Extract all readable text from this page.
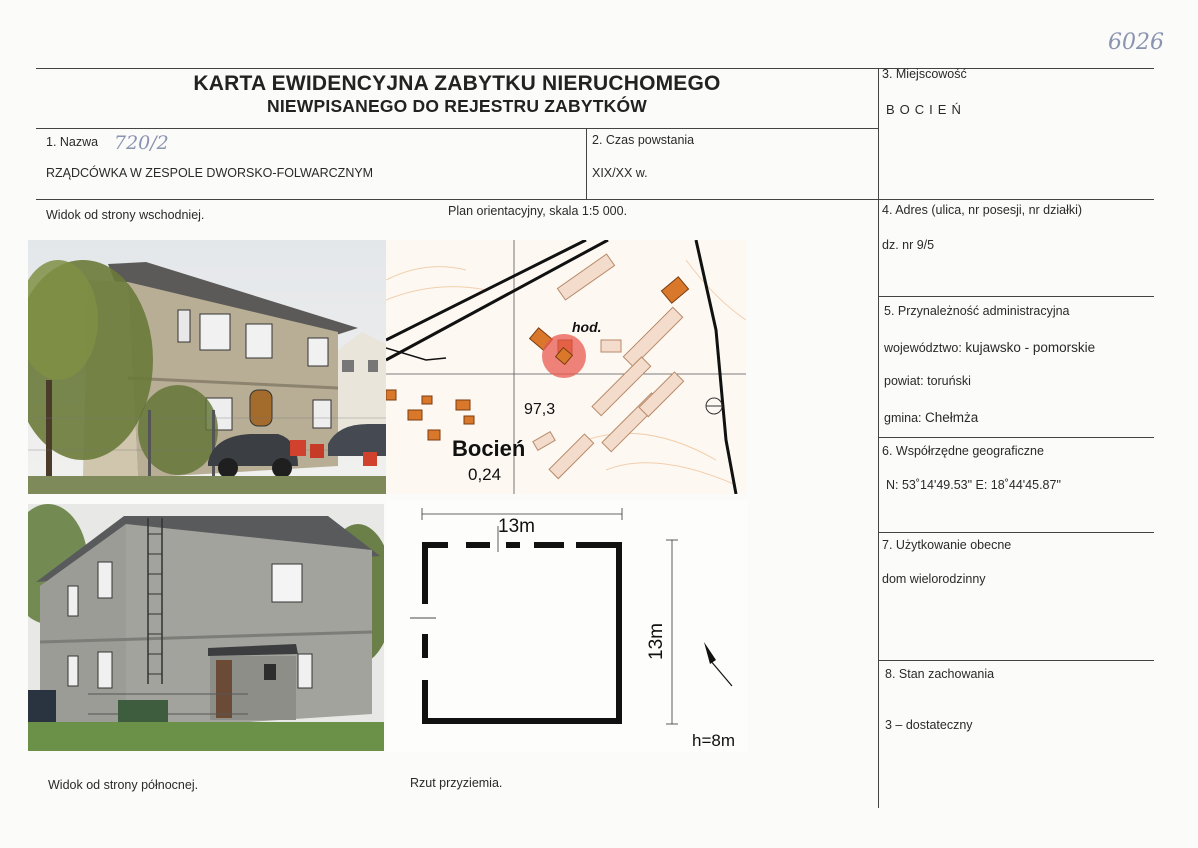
6026
KARTA EWIDENCYJNA ZABYTKU NIERUCHOMEGO
NIEWPISANEGO DO REJESTRU ZABYTKÓW
3. Miejscowość
BOCIEŃ
1. Nazwa 720/2
RZĄDCÓWKA W ZESPOLE DWORSKO-FOLWARCZNYM
2. Czas powstania
XIX/XX w.
Widok od strony wschodniej.	Plan orientacyjny, skala 1:5 000.	4. Adres (ulica, nr posesji, nr działki)
dz. nr 9/5
5. Przynależność administracyjna
województwo: kujawsko - pomorskie
powiat: toruński
gmina: Chełmża
6. Współrzędne geograficzne
N: 53˚14'49.53" E: 18˚44'45.87"
7. Użytkowanie obecne
dom wielorodzinny
8. Stan zachowania
3 – dostateczny
hod.
97,3
Bocień
0,24
13m
13m
h=8m
Widok od strony północnej.	Rzut przyziemia.
